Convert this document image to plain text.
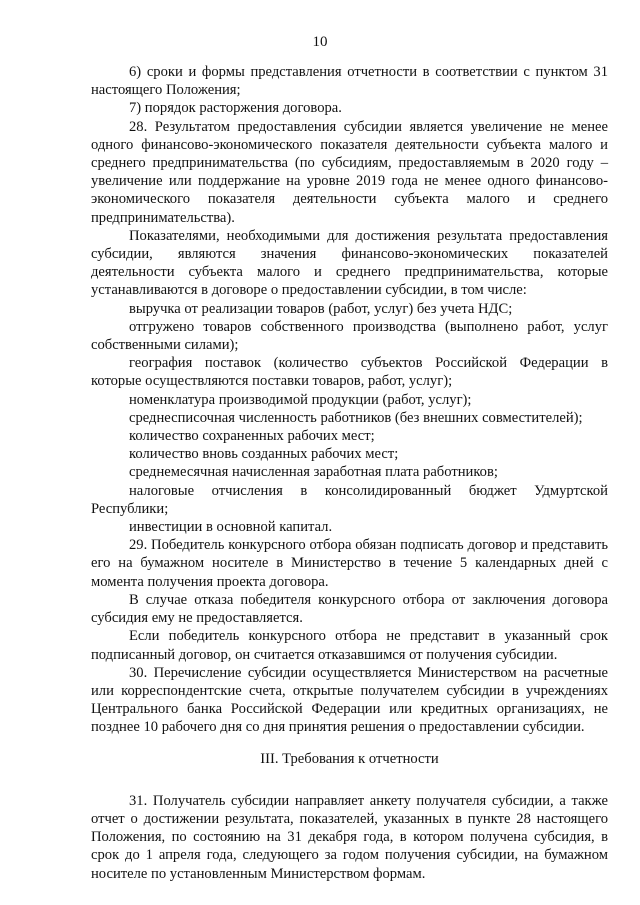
10

6) сроки и формы представления отчетности в соответствии с пунктом 31 настоящего Положения;

7) порядок расторжения договора.

28. Результатом предоставления субсидии является увеличение не менее одного финансово-экономического показателя деятельности субъекта малого и среднего предпринимательства (по субсидиям, предоставляемым в 2020 году – увеличение или поддержание на уровне 2019 года не менее одного финансово-экономического показателя деятельности субъекта малого и среднего предпринимательства).

Показателями, необходимыми для достижения результата предоставления субсидии, являются значения финансово-экономических показателей деятельности субъекта малого и среднего предпринимательства, которые устанавливаются в договоре о предоставлении субсидии, в том числе:

выручка от реализации товаров (работ, услуг) без учета НДС;

отгружено товаров собственного производства (выполнено работ, услуг собственными силами);

география поставок (количество субъектов Российской Федерации в которые осуществляются поставки товаров, работ, услуг);

номенклатура производимой продукции (работ, услуг);

среднесписочная численность работников (без внешних совместителей);

количество сохраненных рабочих мест;

количество вновь созданных рабочих мест;

среднемесячная начисленная заработная плата работников;

налоговые отчисления в консолидированный бюджет Удмуртской Республики;

инвестиции в основной капитал.

29. Победитель конкурсного отбора обязан подписать договор и представить его на бумажном носителе в Министерство в течение 5 календарных дней с момента получения проекта договора.

В случае отказа победителя конкурсного отбора от заключения договора субсидия ему не предоставляется.

Если победитель конкурсного отбора не представит в указанный срок подписанный договор, он считается отказавшимся от получения субсидии.

30. Перечисление субсидии осуществляется Министерством на расчетные или корреспондентские счета, открытые получателем субсидии в учреждениях Центрального банка Российской Федерации или кредитных организациях, не позднее 10 рабочего дня со дня принятия решения о предоставлении субсидии.

III. Требования к отчетности

31. Получатель субсидии направляет анкету получателя субсидии, а также отчет о достижении результата, показателей, указанных в пункте 28 настоящего Положения, по состоянию на 31 декабря года, в котором получена субсидия, в срок до 1 апреля года, следующего за годом получения субсидии, на бумажном носителе по установленным Министерством формам.
